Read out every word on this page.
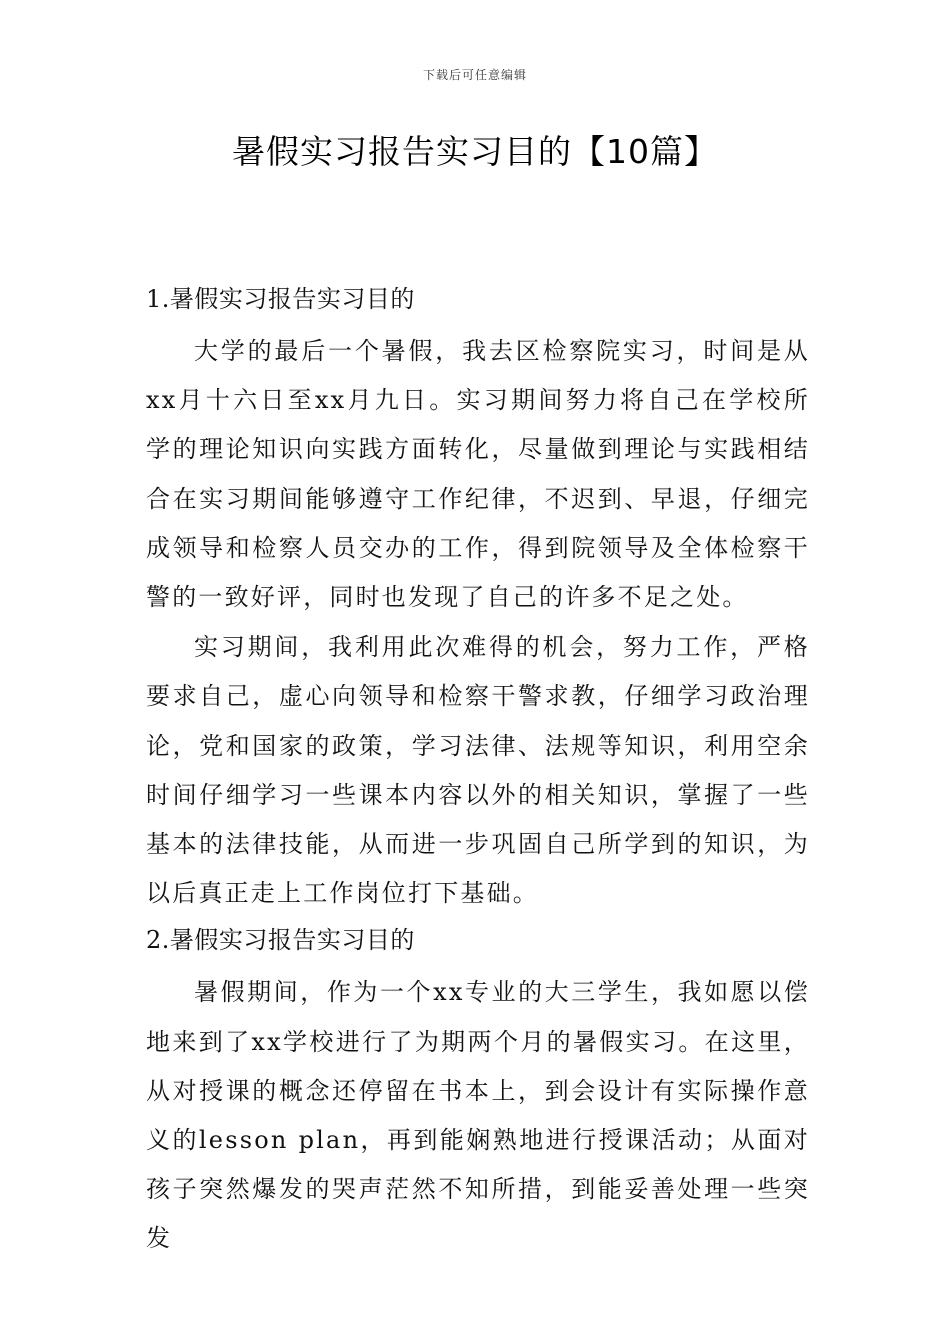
下载后可任意编辑
暑假实习报告实习目的【10篇】
1.暑假实习报告实习目的

大学的最后一个暑假，我去区检察院实习，时间是从xx月十六日至xx月九日。实习期间努力将自己在学校所学的理论知识向实践方面转化，尽量做到理论与实践相结合在实习期间能够遵守工作纪律，不迟到、早退，仔细完成领导和检察人员交办的工作，得到院领导及全体检察干警的一致好评，同时也发现了自己的许多不足之处。

实习期间，我利用此次难得的机会，努力工作，严格要求自己，虚心向领导和检察干警求教，仔细学习政治理论，党和国家的政策，学习法律、法规等知识，利用空余时间仔细学习一些课本内容以外的相关知识，掌握了一些基本的法律技能，从而进一步巩固自己所学到的知识，为以后真正走上工作岗位打下基础。

2.暑假实习报告实习目的

暑假期间，作为一个xx专业的大三学生，我如愿以偿地来到了xx学校进行了为期两个月的暑假实习。在这里，从对授课的概念还停留在书本上，到会设计有实际操作意义的lesson plan，再到能娴熟地进行授课活动；从面对孩子突然爆发的哭声茫然不知所措，到能妥善处理一些突发
